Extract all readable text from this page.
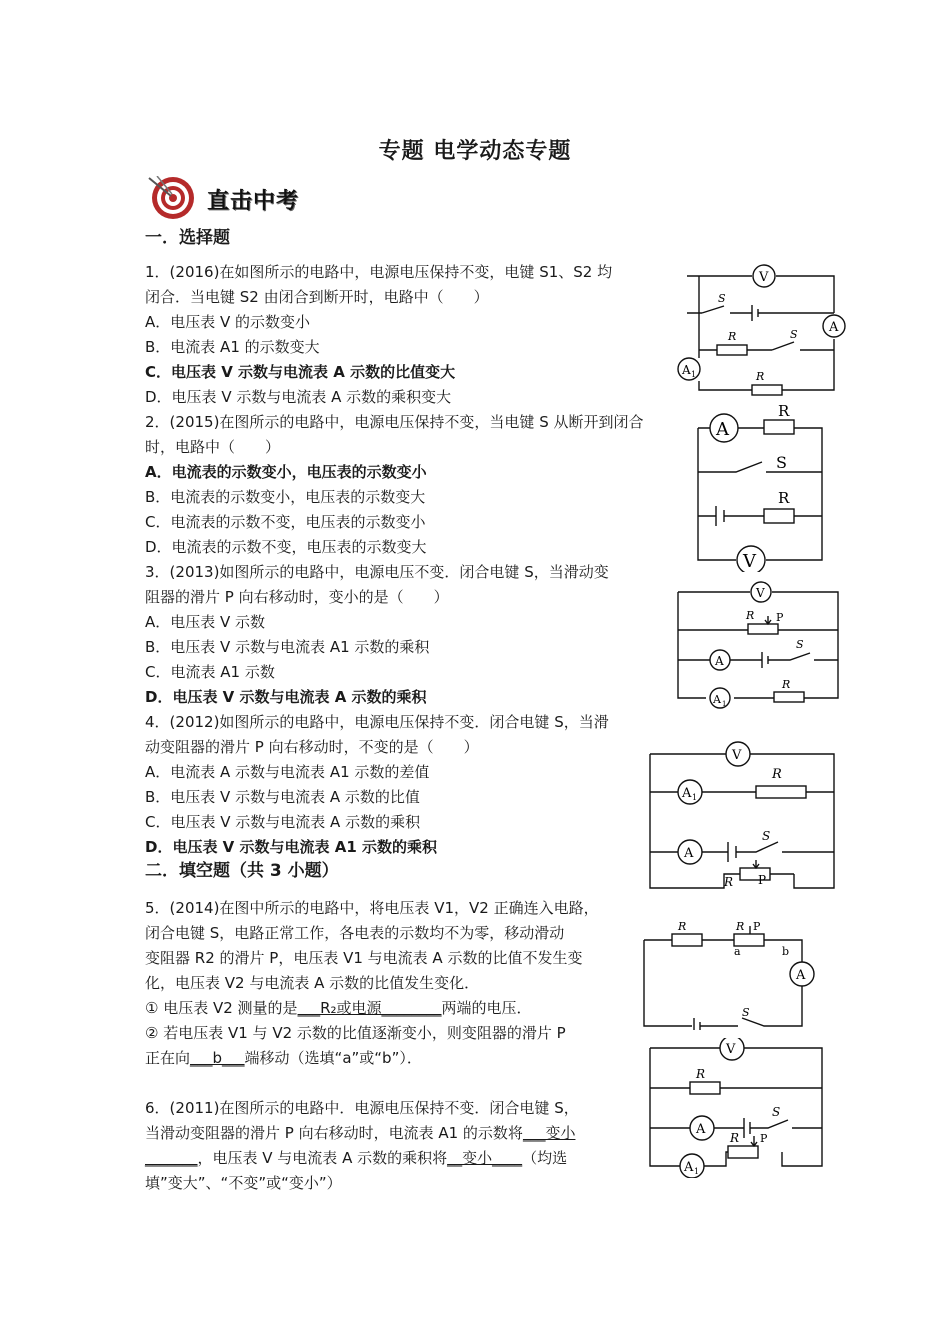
专题 电学动态专题
直击中考
一．选择题
1．(2016)在如图所示的电路中，电源电压保持不变，电键 S1、S2 均
闭合．当电键 S2 由闭合到断开时，电路中（　　）
A．电压表 V 的示数变小
B．电流表 A1 的示数变大
C．电压表 V 示数与电流表 A 示数的比值变大
D．电压表 V 示数与电流表 A 示数的乘积变大
2．(2015)在图所示的电路中，电源电压保持不变，当电键 S 从断开到闭合
时，电路中（　　）
A．电流表的示数变小，电压表的示数变小
B．电流表的示数变小，电压表的示数变大
C．电流表的示数不变，电压表的示数变小
D．电流表的示数不变，电压表的示数变大
3．(2013)如图所示的电路中，电源电压不变．闭合电键 S，当滑动变
阻器的滑片 P 向右移动时，变小的是（　　）
A．电压表 V 示数
B．电压表 V 示数与电流表 A1 示数的乘积
C．电流表 A1 示数
D．电压表 V 示数与电流表 A 示数的乘积
4．(2012)如图所示的电路中，电源电压保持不变．闭合电键 S，当滑
动变阻器的滑片 P 向右移动时，不变的是（　　）
A．电流表 A 示数与电流表 A1 示数的差值
B．电压表 V 示数与电流表 A 示数的比值
C．电压表 V 示数与电流表 A 示数的乘积
D．电压表 V 示数与电流表 A1 示数的乘积
二．填空题（共 3 小题）
5．(2014)在图中所示的电路中，将电压表 V1，V2 正确连入电路，
闭合电键 S，电路正常工作，各电表的示数均不为零，移动滑动
变阻器 R2 的滑片 P，电压表 V1 与电流表 A 示数的比值不发生变
化，电压表 V2 与电流表 A 示数的比值发生变化．
① 电压表 V2 测量的是___R₂或电源________两端的电压．
② 若电压表 V1 与 V2 示数的比值逐渐变小，则变阻器的滑片 P
正在向___b___端移动（选填“a”或“b”）．
6．(2011)在图所示的电路中．电源电压保持不变．闭合电键 S，
当滑动变阻器的滑片 P 向右移动时，电流表 A1 的示数将___变小
_______，电压表 V 与电流表 A 示数的乘积将__变小____（均选
填”变大”、“不变”或“变小”）
V
A
A 1
S
R	S
R
A
R
S
R
V
V
R P
A
S
A 1
R
V
A 1
R
A
S
R P
R	R P
a	b
A
S
V
R
A
S
A 1
R P
